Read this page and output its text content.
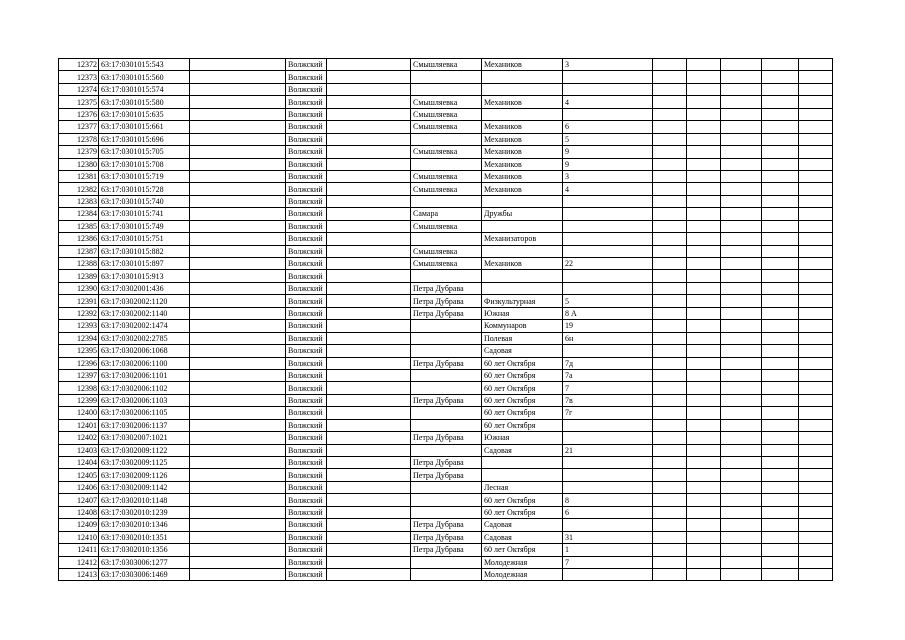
12372	63:17:0301015:543		Волжский		Смышляевка	Механиков	3					
12373	63:17:0301015:560		Волжский									
12374	63:17:0301015:574		Волжский									
12375	63:17:0301015:580		Волжский		Смышляевка	Механиков	4					
12376	63:17:0301015:635		Волжский		Смышляевка							
12377	63:17:0301015:661		Волжский		Смышляевка	Механиков	6					
12378	63:17:0301015:696		Волжский			Механиков	5					
12379	63:17:0301015:705		Волжский		Смышляевка	Механиков	9					
12380	63:17:0301015:708		Волжский			Механиков	9					
12381	63:17:0301015:719		Волжский		Смышляевка	Механиков	3					
12382	63:17:0301015:728		Волжский		Смышляевка	Механиков	4					
12383	63:17:0301015:740		Волжский									
12384	63:17:0301015:741		Волжский		Самара	Дружбы						
12385	63:17:0301015:749		Волжский		Смышляевка							
12386	63:17:0301015:751		Волжский			Механизаторов						
12387	63:17:0301015:882		Волжский		Смышляевка							
12388	63:17:0301015:897		Волжский		Смышляевка	Механиков	22					
12389	63:17:0301015:913		Волжский									
12390	63:17:0302001:436		Волжский		Петра Дубрава							
12391	63:17:0302002:1120		Волжский		Петра Дубрава	Физкультурная	5					
12392	63:17:0302002:1140		Волжский		Петра Дубрава	Южная	8 А					
12393	63:17:0302002:1474		Волжский			Коммунаров	19					
12394	63:17:0302002:2785		Волжский			Полевая	6н					
12395	63:17:0302006:1068		Волжский			Садовая						
12396	63:17:0302006:1100		Волжский		Петра Дубрава	60 лет Октября	7д					
12397	63:17:0302006:1101		Волжский			60 лет Октября	7а					
12398	63:17:0302006:1102		Волжский			60 лет Октября	7					
12399	63:17:0302006:1103		Волжский		Петра Дубрава	60 лет Октября	7в					
12400	63:17:0302006:1105		Волжский			60 лет Октября	7г					
12401	63:17:0302006:1137		Волжский			60 лет Октября						
12402	63:17:0302007:1021		Волжский		Петра Дубрава	Южная						
12403	63:17:0302009:1122		Волжский			Садовая	21					
12404	63:17:0302009:1125		Волжский		Петра Дубрава							
12405	63:17:0302009:1126		Волжский		Петра Дубрава							
12406	63:17:0302009:1142		Волжский			Лесная						
12407	63:17:0302010:1148		Волжский			60 лет Октября	8					
12408	63:17:0302010:1239		Волжский			60 лет Октября	6					
12409	63:17:0302010:1346		Волжский		Петра Дубрава	Садовая						
12410	63:17:0302010:1351		Волжский		Петра Дубрава	Садовая	31					
12411	63:17:0302010:1356		Волжский		Петра Дубрава	60 лет Октября	1					
12412	63:17:0303006:1277		Волжский			Молодежная	7					
12413	63:17:0303006:1469		Волжский			Молодежная						
